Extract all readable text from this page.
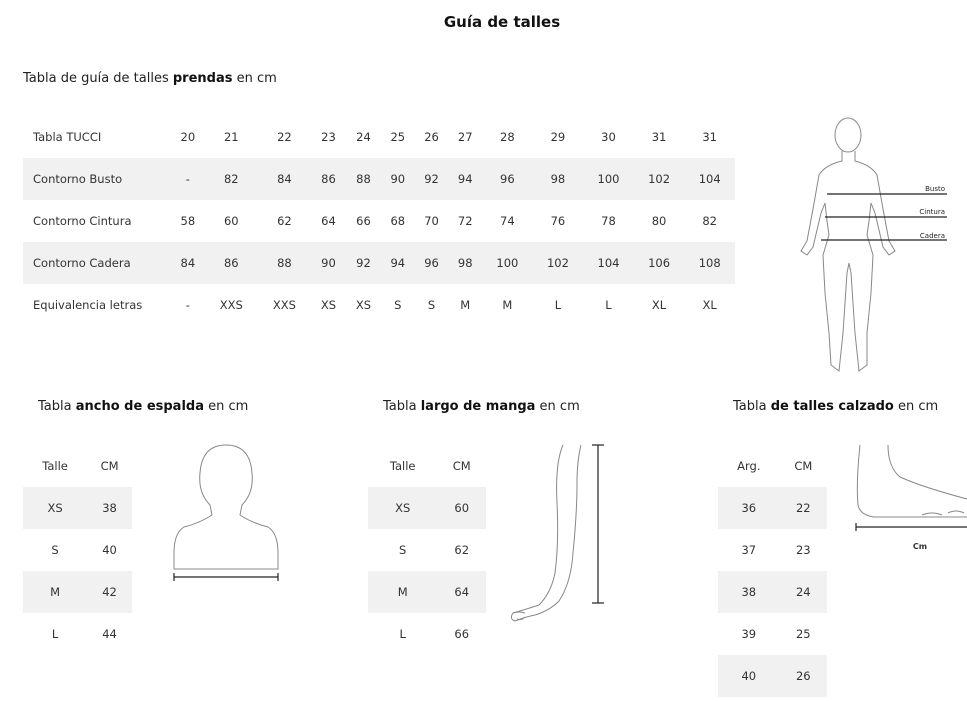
Guía de talles
Tabla de guía de talles prendas en cm
Tabla TUCCI	20	21	22	23	24	25	26	27	28	29	30	31	31
Contorno Busto	-	82	84	86	88	90	92	94	96	98	100	102	104
Contorno Cintura	58	60	62	64	66	68	70	72	74	76	78	80	82
Contorno Cadera	84	86	88	90	92	94	96	98	100	102	104	106	108
Equivalencia letras	-	XXS	XXS	XS	XS	S	S	M	M	L	L	XL	XL
Busto
Cintura
Cadera
Tabla ancho de espalda en cm
Talle	CM
XS	38
S	40
M	42
L	44
Tabla largo de manga en cm
Talle	CM
XS	60
S	62
M	64
L	66
Tabla de talles calzado en cm
Arg.	CM
36	22
37	23
38	24
39	25
40	26
Cm
